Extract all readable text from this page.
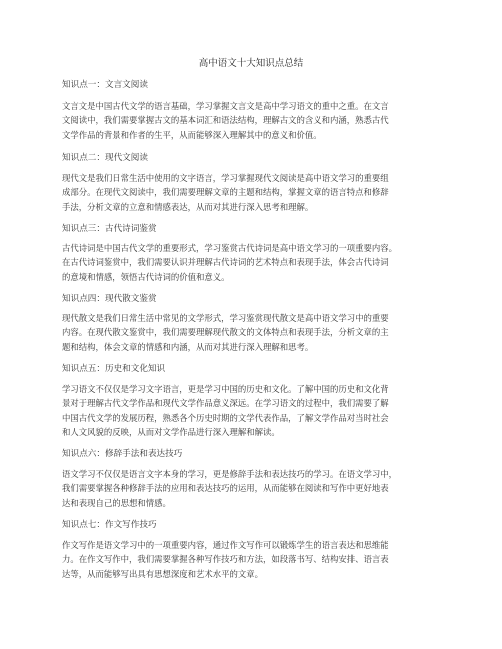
高中语文十大知识点总结
知识点一：文言文阅读
文言文是中国古代文学的语言基础，学习掌握文言文是高中学习语文的重中之重。在文言
文阅读中，我们需要掌握古文的基本词汇和语法结构，理解古文的含义和内涵，熟悉古代
文学作品的背景和作者的生平，从而能够深入理解其中的意义和价值。
知识点二：现代文阅读
现代文是我们日常生活中使用的文字语言，学习掌握现代文阅读是高中语文学习的重要组
成部分。在现代文阅读中，我们需要理解文章的主题和结构，掌握文章的语言特点和修辞
手法，分析文章的立意和情感表达，从而对其进行深入思考和理解。
知识点三：古代诗词鉴赏
古代诗词是中国古代文学的重要形式，学习鉴赏古代诗词是高中语文学习的一项重要内容。
在古代诗词鉴赏中，我们需要认识并理解古代诗词的艺术特点和表现手法，体会古代诗词
的意境和情感，领悟古代诗词的价值和意义。
知识点四：现代散文鉴赏
现代散文是我们日常生活中常见的文学形式，学习鉴赏现代散文是高中语文学习中的重要
内容。在现代散文鉴赏中，我们需要理解现代散文的文体特点和表现手法，分析文章的主
题和结构，体会文章的情感和内涵，从而对其进行深入理解和思考。
知识点五：历史和文化知识
学习语文不仅仅是学习文字语言，更是学习中国的历史和文化。了解中国的历史和文化背
景对于理解古代文学作品和现代文学作品意义深远。在学习语文的过程中，我们需要了解
中国古代文学的发展历程，熟悉各个历史时期的文学代表作品，了解文学作品对当时社会
和人文风貌的反映，从而对文学作品进行深入理解和解读。
知识点六：修辞手法和表达技巧
语文学习不仅仅是语言文字本身的学习，更是修辞手法和表达技巧的学习。在语文学习中，
我们需要掌握各种修辞手法的应用和表达技巧的运用，从而能够在阅读和写作中更好地表
达和表现自己的思想和情感。
知识点七：作文写作技巧
作文写作是语文学习中的一项重要内容，通过作文写作可以锻炼学生的语言表达和思维能
力。在作文写作中，我们需要掌握各种写作技巧和方法，如段落书写、结构安排、语言表
达等，从而能够写出具有思想深度和艺术水平的文章。
